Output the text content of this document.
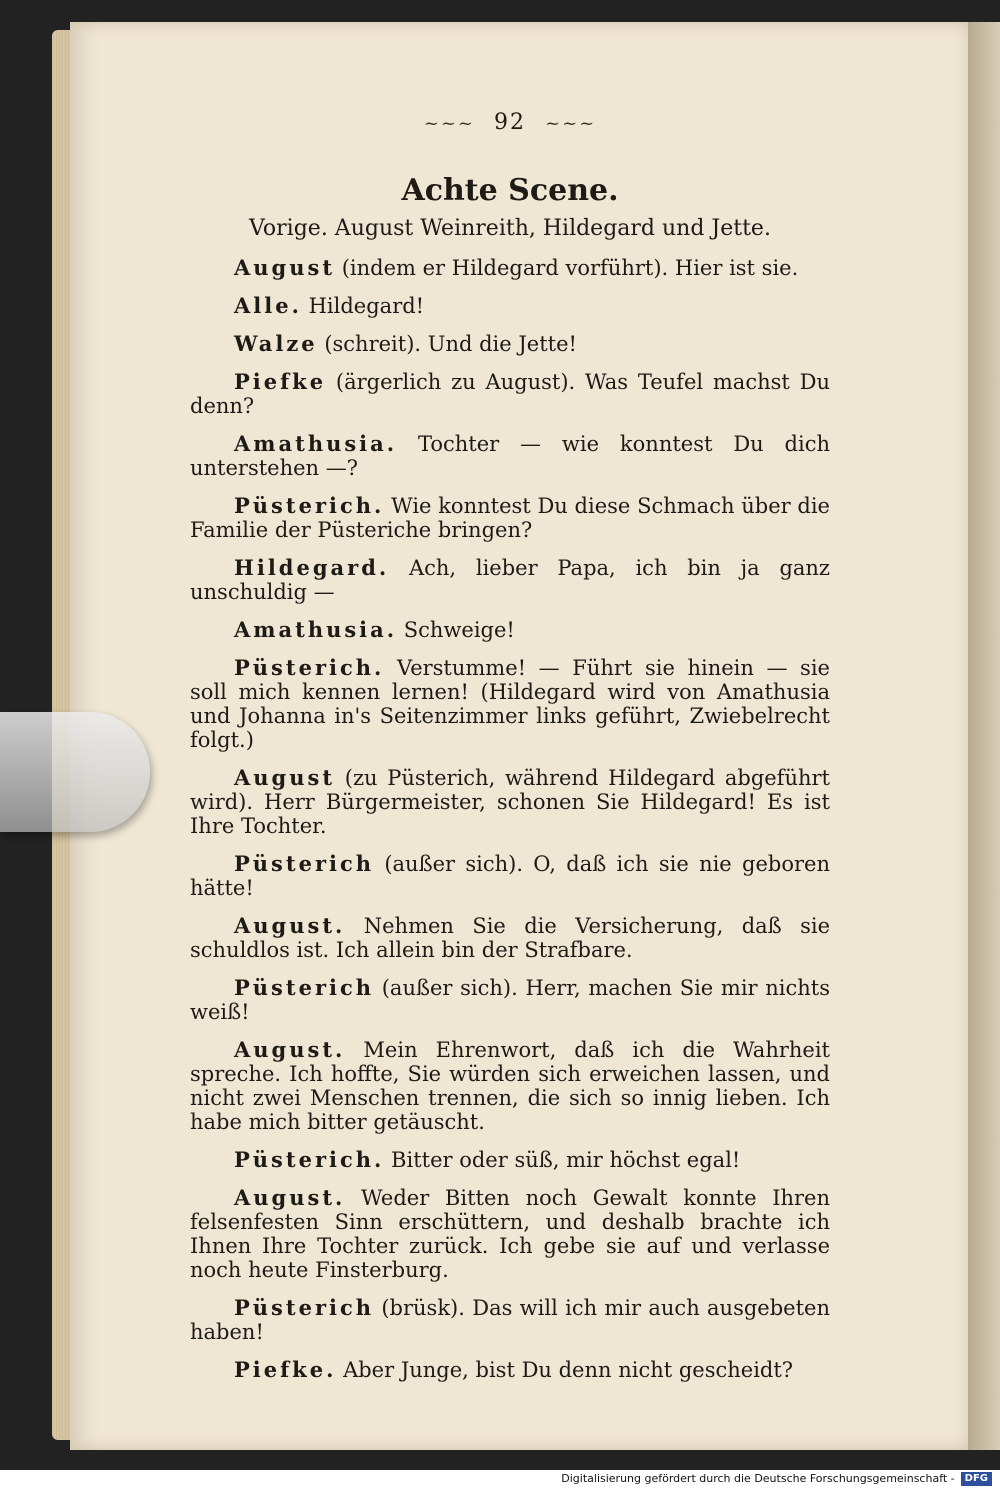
~~~ 92 ~~~
Achte Scene.
Vorige. August Weinreith, Hildegard und Jette.

August (indem er Hildegard vorführt). Hier ist sie.

Alle. Hildegard!

Walze (schreit). Und die Jette!

Piefke (ärgerlich zu August). Was Teufel machst Du denn?

Amathusia. Tochter — wie konntest Du dich unterstehen —?

Püsterich. Wie konntest Du diese Schmach über die Familie der Püsteriche bringen?

Hildegard. Ach, lieber Papa, ich bin ja ganz unschuldig —

Amathusia. Schweige!

Püsterich. Verstumme! — Führt sie hinein — sie soll mich kennen lernen! (Hildegard wird von Amathusia und Johanna in's Seitenzimmer links geführt, Zwiebelrecht folgt.)

August (zu Püsterich, während Hildegard abgeführt wird). Herr Bürgermeister, schonen Sie Hildegard! Es ist Ihre Tochter.

Püsterich (außer sich). O, daß ich sie nie geboren hätte!

August. Nehmen Sie die Versicherung, daß sie schuldlos ist. Ich allein bin der Strafbare.

Püsterich (außer sich). Herr, machen Sie mir nichts weiß!

August. Mein Ehrenwort, daß ich die Wahrheit spreche. Ich hoffte, Sie würden sich erweichen lassen, und nicht zwei Menschen trennen, die sich so innig lieben. Ich habe mich bitter getäuscht.

Püsterich. Bitter oder süß, mir höchst egal!

August. Weder Bitten noch Gewalt konnte Ihren felsenfesten Sinn erschüttern, und deshalb brachte ich Ihnen Ihre Tochter zurück. Ich gebe sie auf und verlasse noch heute Finsterburg.

Püsterich (brüsk). Das will ich mir auch ausgebeten haben!

Piefke. Aber Junge, bist Du denn nicht gescheidt?

Digitalisierung gefördert durch die Deutsche Forschungsgemeinschaft - DFG
